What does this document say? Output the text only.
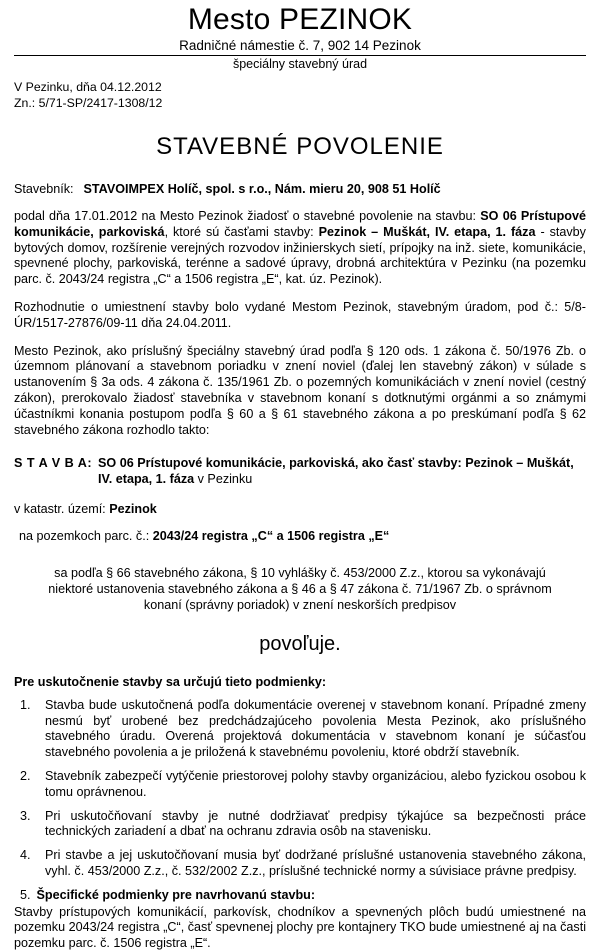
Mesto PEZINOK
Radničné námestie č. 7, 902 14 Pezinok
špeciálny stavebný úrad
V Pezinku, dňa 04.12.2012
Zn.: 5/71-SP/2417-1308/12
STAVEBNÉ POVOLENIE
Stavebník: STAVOIMPEX Holíč, spol. s r.o., Nám. mieru 20, 908 51 Holíč

podal dňa 17.01.2012 na Mesto Pezinok žiadosť o stavebné povolenie na stavbu: SO 06 Prístupové komunikácie, parkoviská, ktoré sú časťami stavby: Pezinok – Muškát, IV. etapa, 1. fáza - stavby bytových domov, rozšírenie verejných rozvodov inžinierskych sietí, prípojky na inž. siete, komunikácie, spevnené plochy, parkoviská, terénne a sadové úpravy, drobná architektúra v Pezinku (na pozemku parc. č. 2043/24 registra „C“ a 1506 registra „E“, kat. úz. Pezinok).

Rozhodnutie o umiestnení stavby bolo vydané Mestom Pezinok, stavebným úradom, pod č.: 5/8-ÚR/1517-27876/09-11 dňa 24.04.2011.

Mesto Pezinok, ako príslušný špeciálny stavebný úrad podľa § 120 ods. 1 zákona č. 50/1976 Zb. o územnom plánovaní a stavebnom poriadku v znení noviel (ďalej len stavebný zákon) v súlade s ustanovením § 3a ods. 4 zákona č. 135/1961 Zb. o pozemných komunikáciách v znení noviel (cestný zákon), prerokovalo žiadosť stavebníka v stavebnom konaní s dotknutými orgánmi a so známymi účastníkmi konania postupom podľa § 60 a § 61 stavebného zákona a po preskúmaní podľa § 62 stavebného zákona rozhodlo takto:

S T A V B A: SO 06 Prístupové komunikácie, parkoviská, ako časť stavby: Pezinok – Muškát, IV. etapa, 1. fáza v Pezinku
v katastr. území: Pezinok
na pozemkoch parc. č.: 2043/24 registra „C“ a 1506 registra „E“
sa podľa § 66 stavebného zákona, § 10 vyhlášky č. 453/2000 Z.z., ktorou sa vykonávajú niektoré ustanovenia stavebného zákona a § 46 a § 47 zákona č. 71/1967 Zb. o správnom konaní (správny poriadok) v znení neskorších predpisov
povoľuje.
Pre uskutočnenie stavby sa určujú tieto podmienky:
1.	Stavba bude uskutočnená podľa dokumentácie overenej v stavebnom konaní. Prípadné zmeny nesmú byť urobené bez predchádzajúceho povolenia Mesta Pezinok, ako príslušného stavebného úradu. Overená projektová dokumentácia v stavebnom konaní je súčasťou stavebného povolenia a je priložená k stavebnému povoleniu, ktoré obdrží stavebník.
2.	Stavebník zabezpečí vytýčenie priestorovej polohy stavby organizáciou, alebo fyzickou osobou k tomu oprávnenou.
3.	Pri uskutočňovaní stavby je nutné dodržiavať predpisy týkajúce sa bezpečnosti práce technických zariadení a dbať na ochranu zdravia osôb na stavenisku.
4.	Pri stavbe a jej uskutočňovaní musia byť dodržané príslušné ustanovenia stavebného zákona, vyhl. č. 453/2000 Z.z., č. 532/2002 Z.z., príslušné technické normy a súvisiace právne predpisy.
5. Špecifické podmienky pre navrhovanú stavbu:
Stavby prístupových komunikácií, parkovísk, chodníkov a spevnených plôch budú umiestnené na pozemku 2043/24 registra „C“, časť spevnenej plochy pre kontajnery TKO bude umiestnené aj na časti pozemku parc. č. 1506 registra „E“.
